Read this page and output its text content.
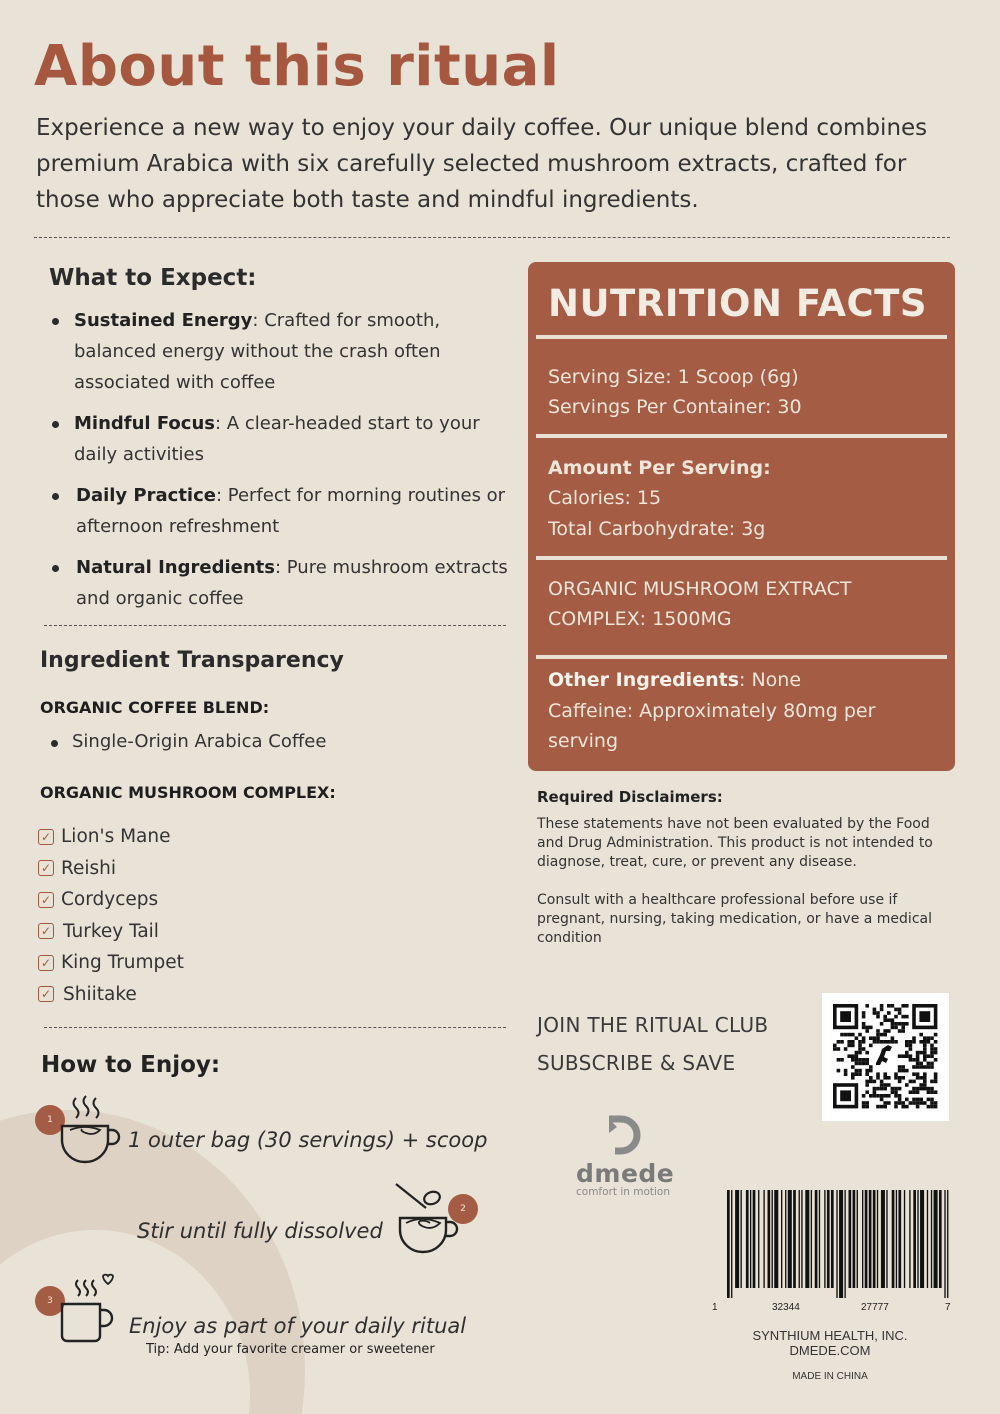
About this ritual

Experience a new way to enjoy your daily coffee. Our unique blend combines premium Arabica with six carefully selected mushroom extracts, crafted for those who appreciate both taste and mindful ingredients.

What to Expect:
Sustained Energy: Crafted for smooth, balanced energy without the crash often associated with coffee
Mindful Focus: A clear-headed start to your daily activities
Daily Practice: Perfect for morning routines or afternoon refreshment
Natural Ingredients: Pure mushroom extracts and organic coffee
Ingredient Transparency
ORGANIC COFFEE BLEND:
Single-Origin Arabica Coffee
ORGANIC MUSHROOM COMPLEX:
✓ Lion's Mane
✓ Reishi
✓ Cordyceps
✓ Turkey Tail
✓ King Trumpet
✓ Shiitake
How to Enjoy:
1
1 outer bag (30 servings) + scoop
2
Stir until fully dissolved
3
Enjoy as part of your daily ritual
Tip: Add your favorite creamer or sweetener
NUTRITION FACTS
Serving Size: 1 Scoop (6g)
Servings Per Container: 30
Amount Per Serving:
Calories: 15
Total Carbohydrate: 3g
ORGANIC MUSHROOM EXTRACT
COMPLEX: 1500MG
Other Ingredients: None
Caffeine: Approximately 80mg per
serving
Required Disclaimers:
These statements have not been evaluated by the Food
and Drug Administration. This product is not intended to
diagnose, treat, cure, or prevent any disease.
Consult with a healthcare professional before use if
pregnant, nursing, taking medication, or have a medical
condition
JOIN THE RITUAL CLUB
SUBSCRIBE & SAVE
dmede
comfort in motion
1	32344	27777	7
SYNTHIUM HEALTH, INC.
DMEDE.COM
MADE IN CHINA
